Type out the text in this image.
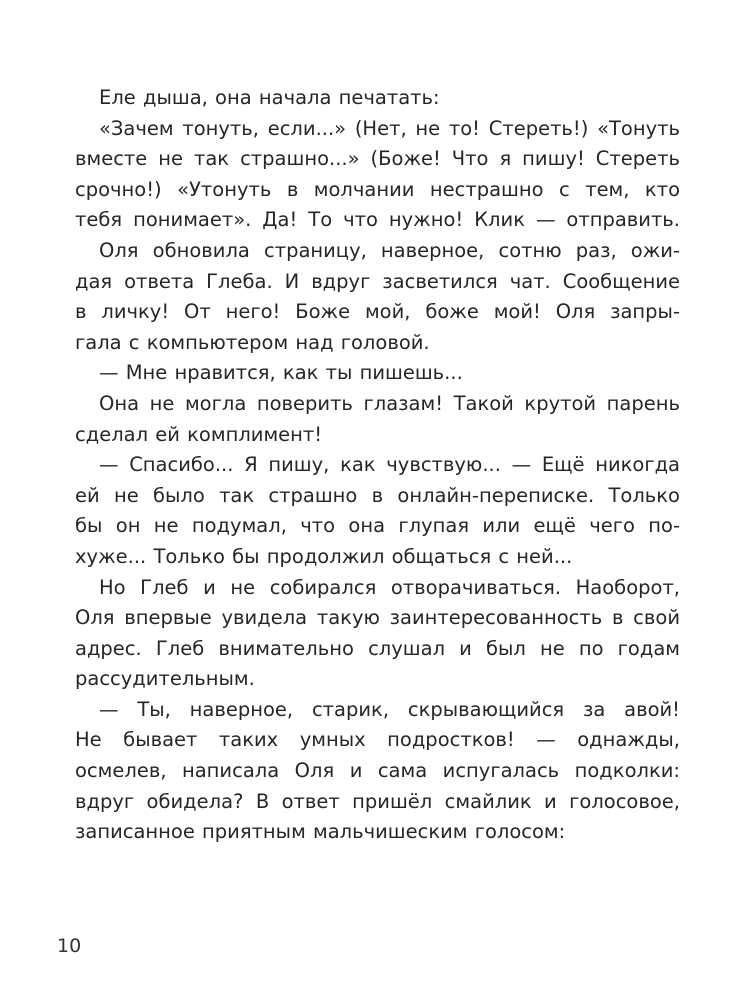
Еле дыша, она начала печатать:
«Зачем тонуть, если...» (Нет, не то! Стереть!) «Тонуть
вместе не так страшно...» (Боже! Что я пишу! Стереть
срочно!) «Утонуть в молчании нестрашно с тем, кто
тебя понимает». Да! То что нужно! Клик — отправить.
Оля обновила страницу, наверное, сотню раз, ожи-
дая ответа Глеба. И вдруг засветился чат. Сообщение
в личку! От него! Боже мой, боже мой! Оля запры-
гала с компьютером над головой.
— Мне нравится, как ты пишешь...
Она не могла поверить глазам! Такой крутой парень
сделал ей комплимент!
— Спасибо... Я пишу, как чувствую... — Ещё никогда
ей не было так страшно в онлайн-переписке. Только
бы он не подумал, что она глупая или ещё чего по-
хуже... Только бы продолжил общаться с ней...
Но Глеб и не собирался отворачиваться. Наоборот,
Оля впервые увидела такую заинтересованность в свой
адрес. Глеб внимательно слушал и был не по годам
рассудительным.
— Ты, наверное, старик, скрывающийся за авой!
Не бывает таких умных подростков! — однажды,
осмелев, написала Оля и сама испугалась подколки:
вдруг обидела? В ответ пришёл смайлик и голосовое,
записанное приятным мальчишеским голосом:
10
